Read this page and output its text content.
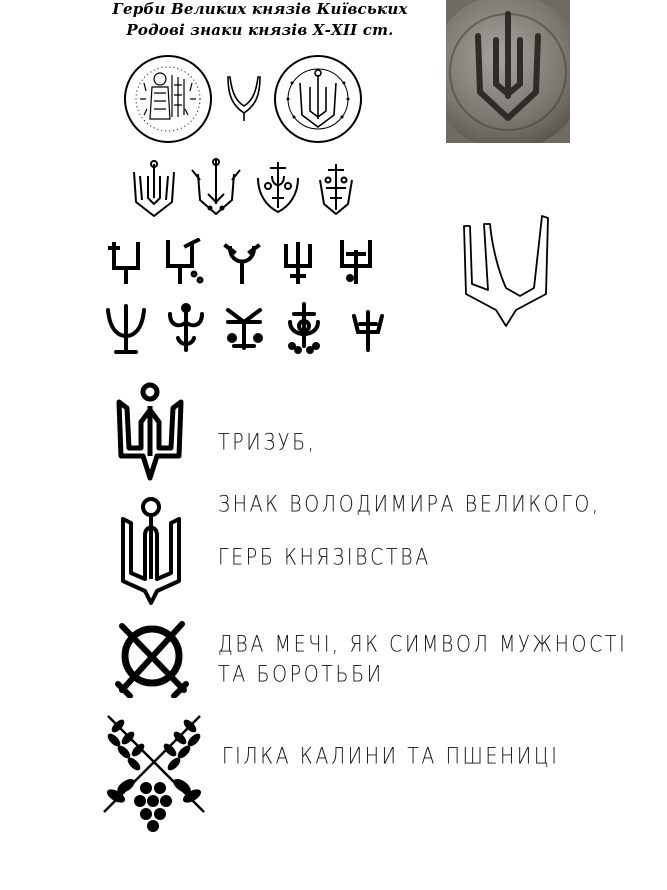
Герби Великих князів Київських
Родові знаки князів Х-ХІІ ст.
ТРИЗУБ,
ЗНАК ВОЛОДИМИРА ВЕЛИКОГО,
ГЕРБ КНЯЗІВСТВА
ДВА МЕЧІ, ЯК СИМВОЛ МУЖНОСТІ
ТА БОРОТЬБИ
ГІЛКА КАЛИНИ ТА ПШЕНИЦІ
